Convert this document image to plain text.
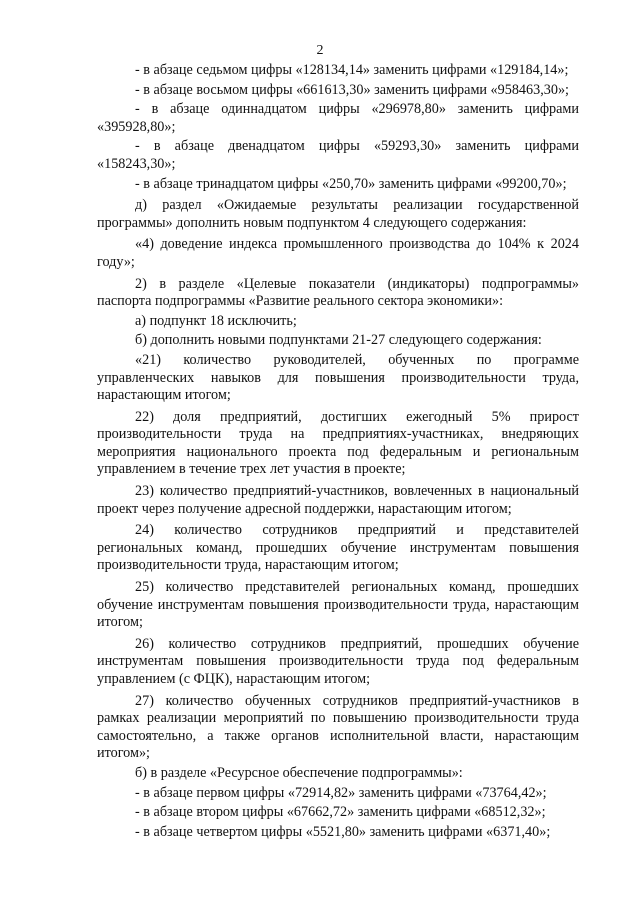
2

- в абзаце седьмом цифры «128134,14» заменить цифрами «129184,14»;

- в абзаце восьмом цифры «661613,30» заменить цифрами «958463,30»;

- в абзаце одиннадцатом цифры «296978,80» заменить цифрами «395928,80»;

- в абзаце двенадцатом цифры «59293,30» заменить цифрами «158243,30»;

- в абзаце тринадцатом цифры «250,70» заменить цифрами «99200,70»;

д) раздел «Ожидаемые результаты реализации государственной программы» дополнить новым подпунктом 4 следующего содержания:

«4) доведение индекса промышленного производства до 104% к 2024 году»;

2) в разделе «Целевые показатели (индикаторы) подпрограммы» паспорта подпрограммы «Развитие реального сектора экономики»:

а) подпункт 18 исключить;

б) дополнить новыми подпунктами 21-27 следующего содержания:

«21) количество руководителей, обученных по программе управленческих навыков для повышения производительности труда, нарастающим итогом;

22) доля предприятий, достигших ежегодный 5% прирост производительности труда на предприятиях-участниках, внедряющих мероприятия национального проекта под федеральным и региональным управлением в течение трех лет участия в проекте;

23) количество предприятий-участников, вовлеченных в национальный проект через получение адресной поддержки, нарастающим итогом;

24) количество сотрудников предприятий и представителей региональных команд, прошедших обучение инструментам повышения производительности труда, нарастающим итогом;

25) количество представителей региональных команд, прошедших обучение инструментам повышения производительности труда, нарастающим итогом;

26) количество сотрудников предприятий, прошедших обучение инструментам повышения производительности труда под федеральным управлением (с ФЦК), нарастающим итогом;

27) количество обученных сотрудников предприятий-участников в рамках реализации мероприятий по повышению производительности труда самостоятельно, а также органов исполнительной власти, нарастающим итогом»;

б) в разделе «Ресурсное обеспечение подпрограммы»:

- в абзаце первом цифры «72914,82» заменить цифрами «73764,42»;

- в абзаце втором цифры «67662,72» заменить цифрами «68512,32»;

- в абзаце четвертом цифры «5521,80» заменить цифрами «6371,40»;
